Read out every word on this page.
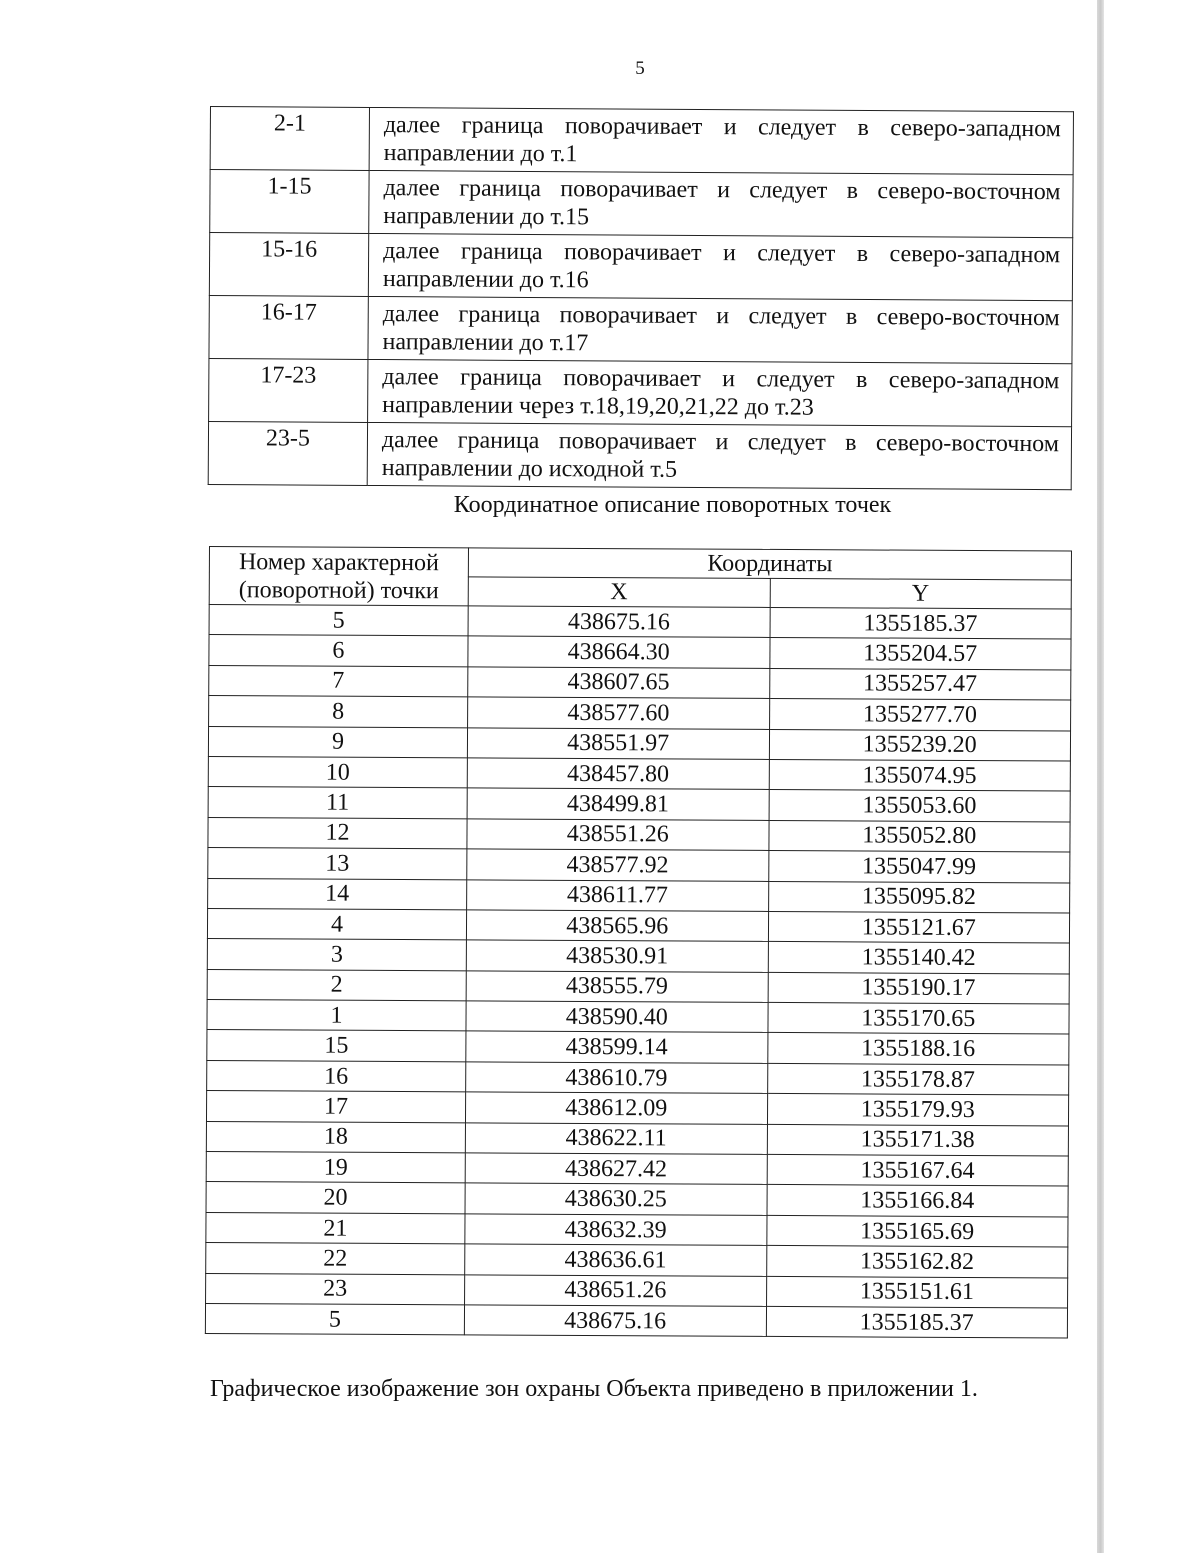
5
2-1	далее граница поворачивает и следует в северо-западном направлении до т.1
1-15	далее граница поворачивает и следует в северо-восточном направлении до т.15
15-16	далее граница поворачивает и следует в северо-западном направлении до т.16
16-17	далее граница поворачивает и следует в северо-восточном направлении до т.17
17-23	далее граница поворачивает и следует в северо-западном направлении через т.18,19,20,21,22 до т.23
23-5	далее граница поворачивает и следует в северо-восточном направлении до исходной т.5
Координатное описание поворотных точек
Номер характерной (поворотной) точки	Координаты	
	X	Y
5	438675.16	1355185.37
6	438664.30	1355204.57
7	438607.65	1355257.47
8	438577.60	1355277.70
9	438551.97	1355239.20
10	438457.80	1355074.95
11	438499.81	1355053.60
12	438551.26	1355052.80
13	438577.92	1355047.99
14	438611.77	1355095.82
4	438565.96	1355121.67
3	438530.91	1355140.42
2	438555.79	1355190.17
1	438590.40	1355170.65
15	438599.14	1355188.16
16	438610.79	1355178.87
17	438612.09	1355179.93
18	438622.11	1355171.38
19	438627.42	1355167.64
20	438630.25	1355166.84
21	438632.39	1355165.69
22	438636.61	1355162.82
23	438651.26	1355151.61
5	438675.16	1355185.37
Графическое изображение зон охраны Объекта приведено в приложении 1.
